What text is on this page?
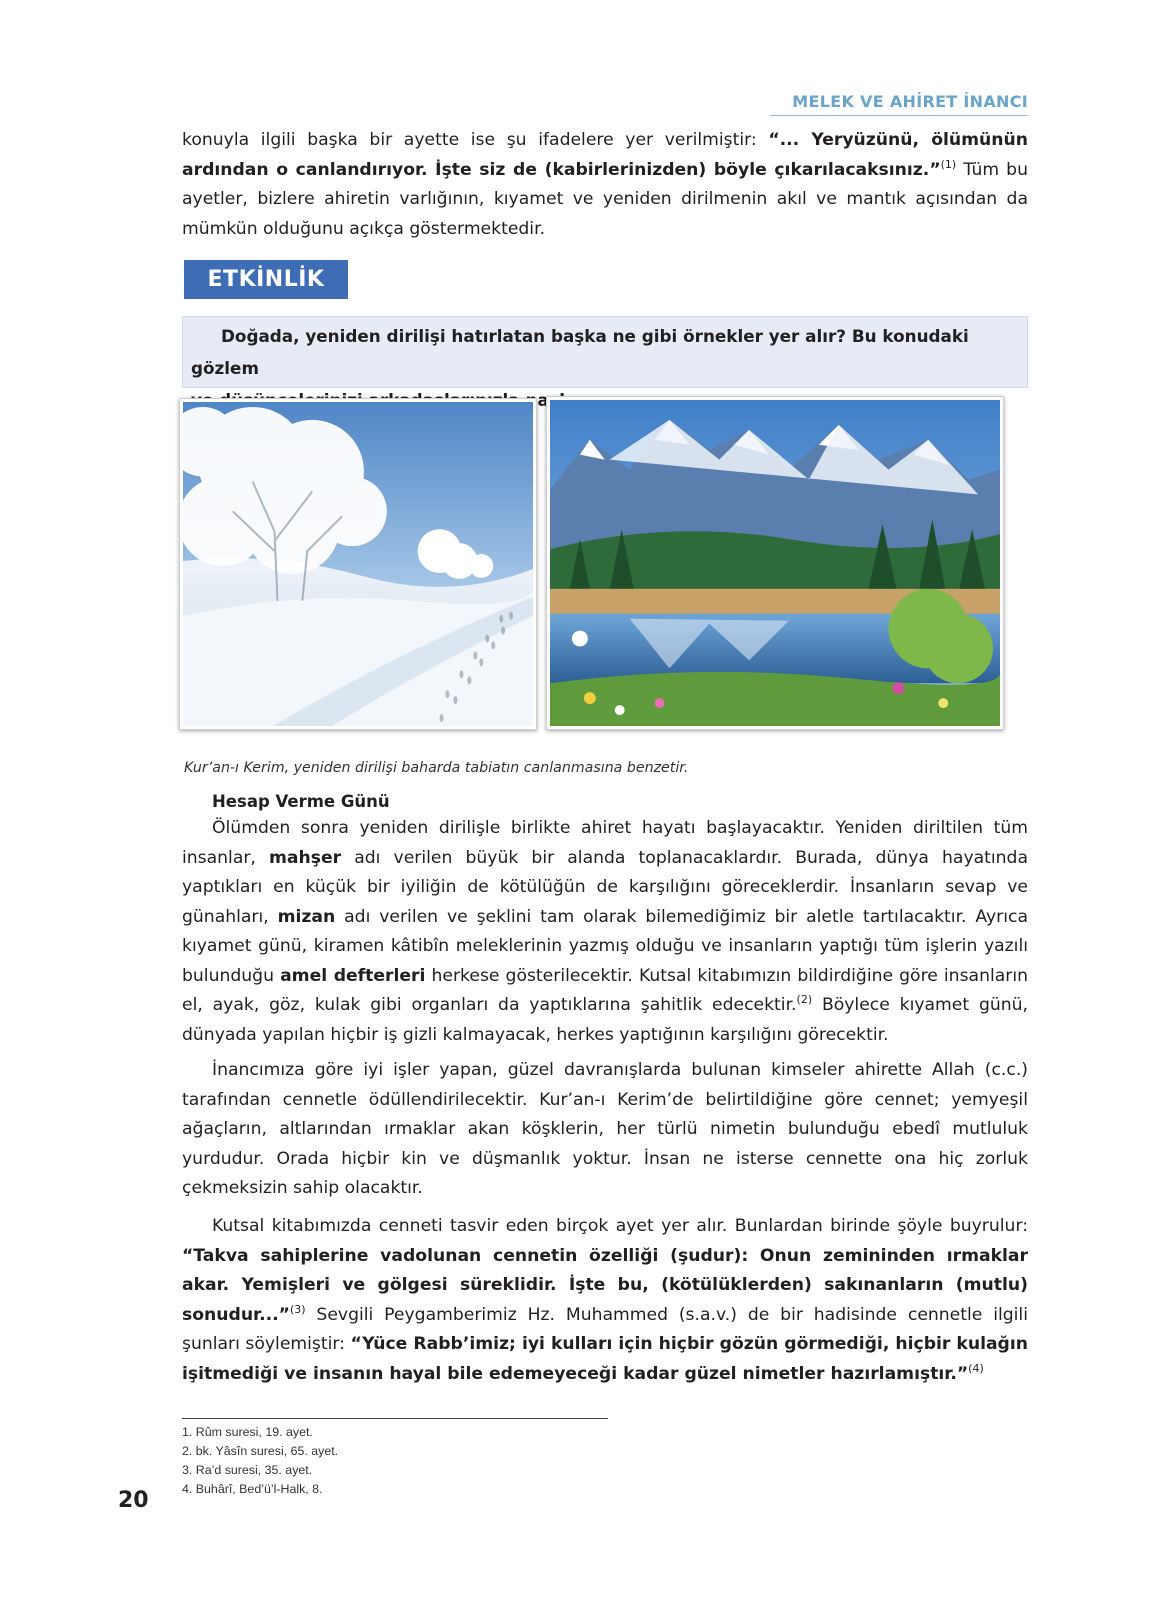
MELEK VE AHİRET İNANCI

konuyla ilgili başka bir ayette ise şu ifadelere yer verilmiştir: “... Yeryüzünü, ölümünün ardından o canlandırıyor. İşte siz de (kabirlerinizden) böyle çıkarılacaksınız.”$^{(1)}$ Tüm bu ayetler, bizlere ahiretin varlığının, kıyamet ve yeniden dirilmenin akıl ve mantık açısından da mümkün olduğunu açıkça göstermektedir.

ETKİNLİK

Doğada, yeniden dirilişi hatırlatan başka ne gibi örnekler yer alır? Bu konudaki gözlem

Kur’an-ı Kerim, yeniden dirilişi baharda tabiatın canlanmasına benzetir.
Hesap Verme Günü

Ölümden sonra yeniden dirilişle birlikte ahiret hayatı başlayacaktır. Yeniden diriltilen tüm insanlar, mahşer adı verilen büyük bir alanda toplanacaklardır. Burada, dünya hayatında yaptıkları en küçük bir iyiliğin de kötülüğün de karşılığını göreceklerdir. İnsanların sevap ve günahları, mizan adı verilen ve şeklini tam olarak bilemediğimiz bir aletle tartılacaktır. Ayrıca kıyamet günü, kiramen kâtibîn meleklerinin yazmış olduğu ve insanların yaptığı tüm işlerin yazılı bulunduğu amel defterleri herkese gösterilecektir. Kutsal kitabımızın bildirdiğine göre insanların el, ayak, göz, kulak gibi organları da yaptıklarına şahitlik edecektir.$^{(2)}$ Böylece kıyamet günü, dünyada yapılan hiçbir iş gizli kalmayacak, herkes yaptığının karşılığını görecektir.

İnancımıza göre iyi işler yapan, güzel davranışlarda bulunan kimseler ahirette Allah (c.c.) tarafından cennetle ödüllendirilecektir. Kur’an-ı Kerim’de belirtildiğine göre cennet; yemyeşil ağaçların, altlarından ırmaklar akan köşklerin, her türlü nimetin bulunduğu ebedî mutluluk yurdudur. Orada hiçbir kin ve düşmanlık yoktur. İnsan ne isterse cennette ona hiç zorluk çekmeksizin sahip olacaktır.

Kutsal kitabımızda cenneti tasvir eden birçok ayet yer alır. Bunlardan birinde şöyle buyrulur: “Takva sahiplerine vadolunan cennetin özelliği (şudur): Onun zemininden ırmaklar akar. Yemişleri ve gölgesi süreklidir. İşte bu, (kötülüklerden) sakınanların (mutlu) sonudur...”$^{(3)}$ Sevgili Peygamberimiz Hz. Muhammed (s.a.v.) de bir hadisinde cennetle ilgili şunları söylemiştir: “Yüce Rabb’imiz; iyi kulları için hiçbir gözün görmediği, hiçbir kulağın işitmediği ve insanın hayal bile edemeyeceği kadar güzel nimetler hazırlamıştır.”$^{(4)}$

1. Rûm suresi, 19. ayet.
2. bk. Yâsîn suresi, 65. ayet.
3. Ra’d suresi, 35. ayet.
4. Buhârî, Bed’ü’l-Halk, 8.
20
